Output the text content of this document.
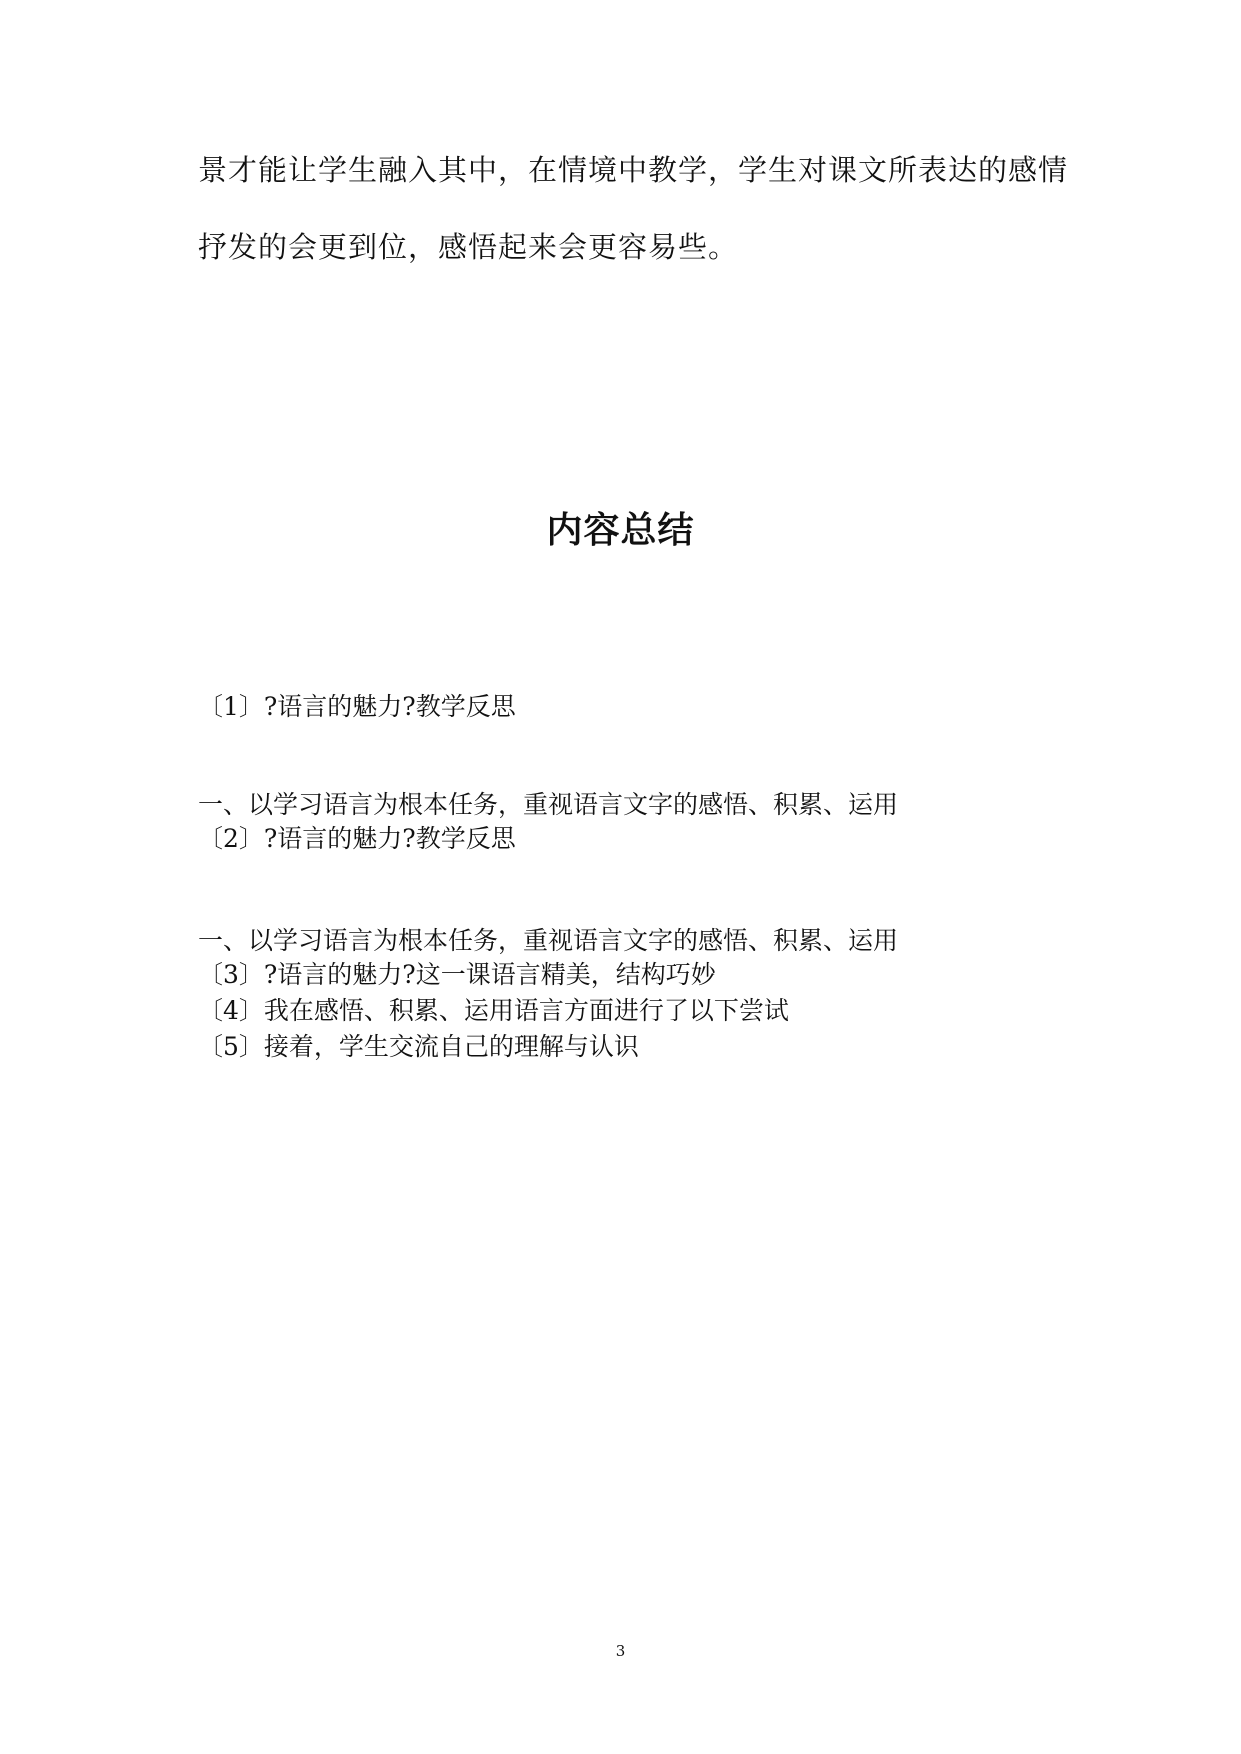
景才能让学生融入其中，在情境中教学，学生对课文所表达的感情
抒发的会更到位，感悟起来会更容易些。
内容总结
〔1〕?语言的魅力?教学反思
一、以学习语言为根本任务，重视语言文字的感悟、积累、运用
〔2〕?语言的魅力?教学反思
一、以学习语言为根本任务，重视语言文字的感悟、积累、运用
〔3〕?语言的魅力?这一课语言精美，结构巧妙
〔4〕我在感悟、积累、运用语言方面进行了以下尝试
〔5〕接着，学生交流自己的理解与认识
3
